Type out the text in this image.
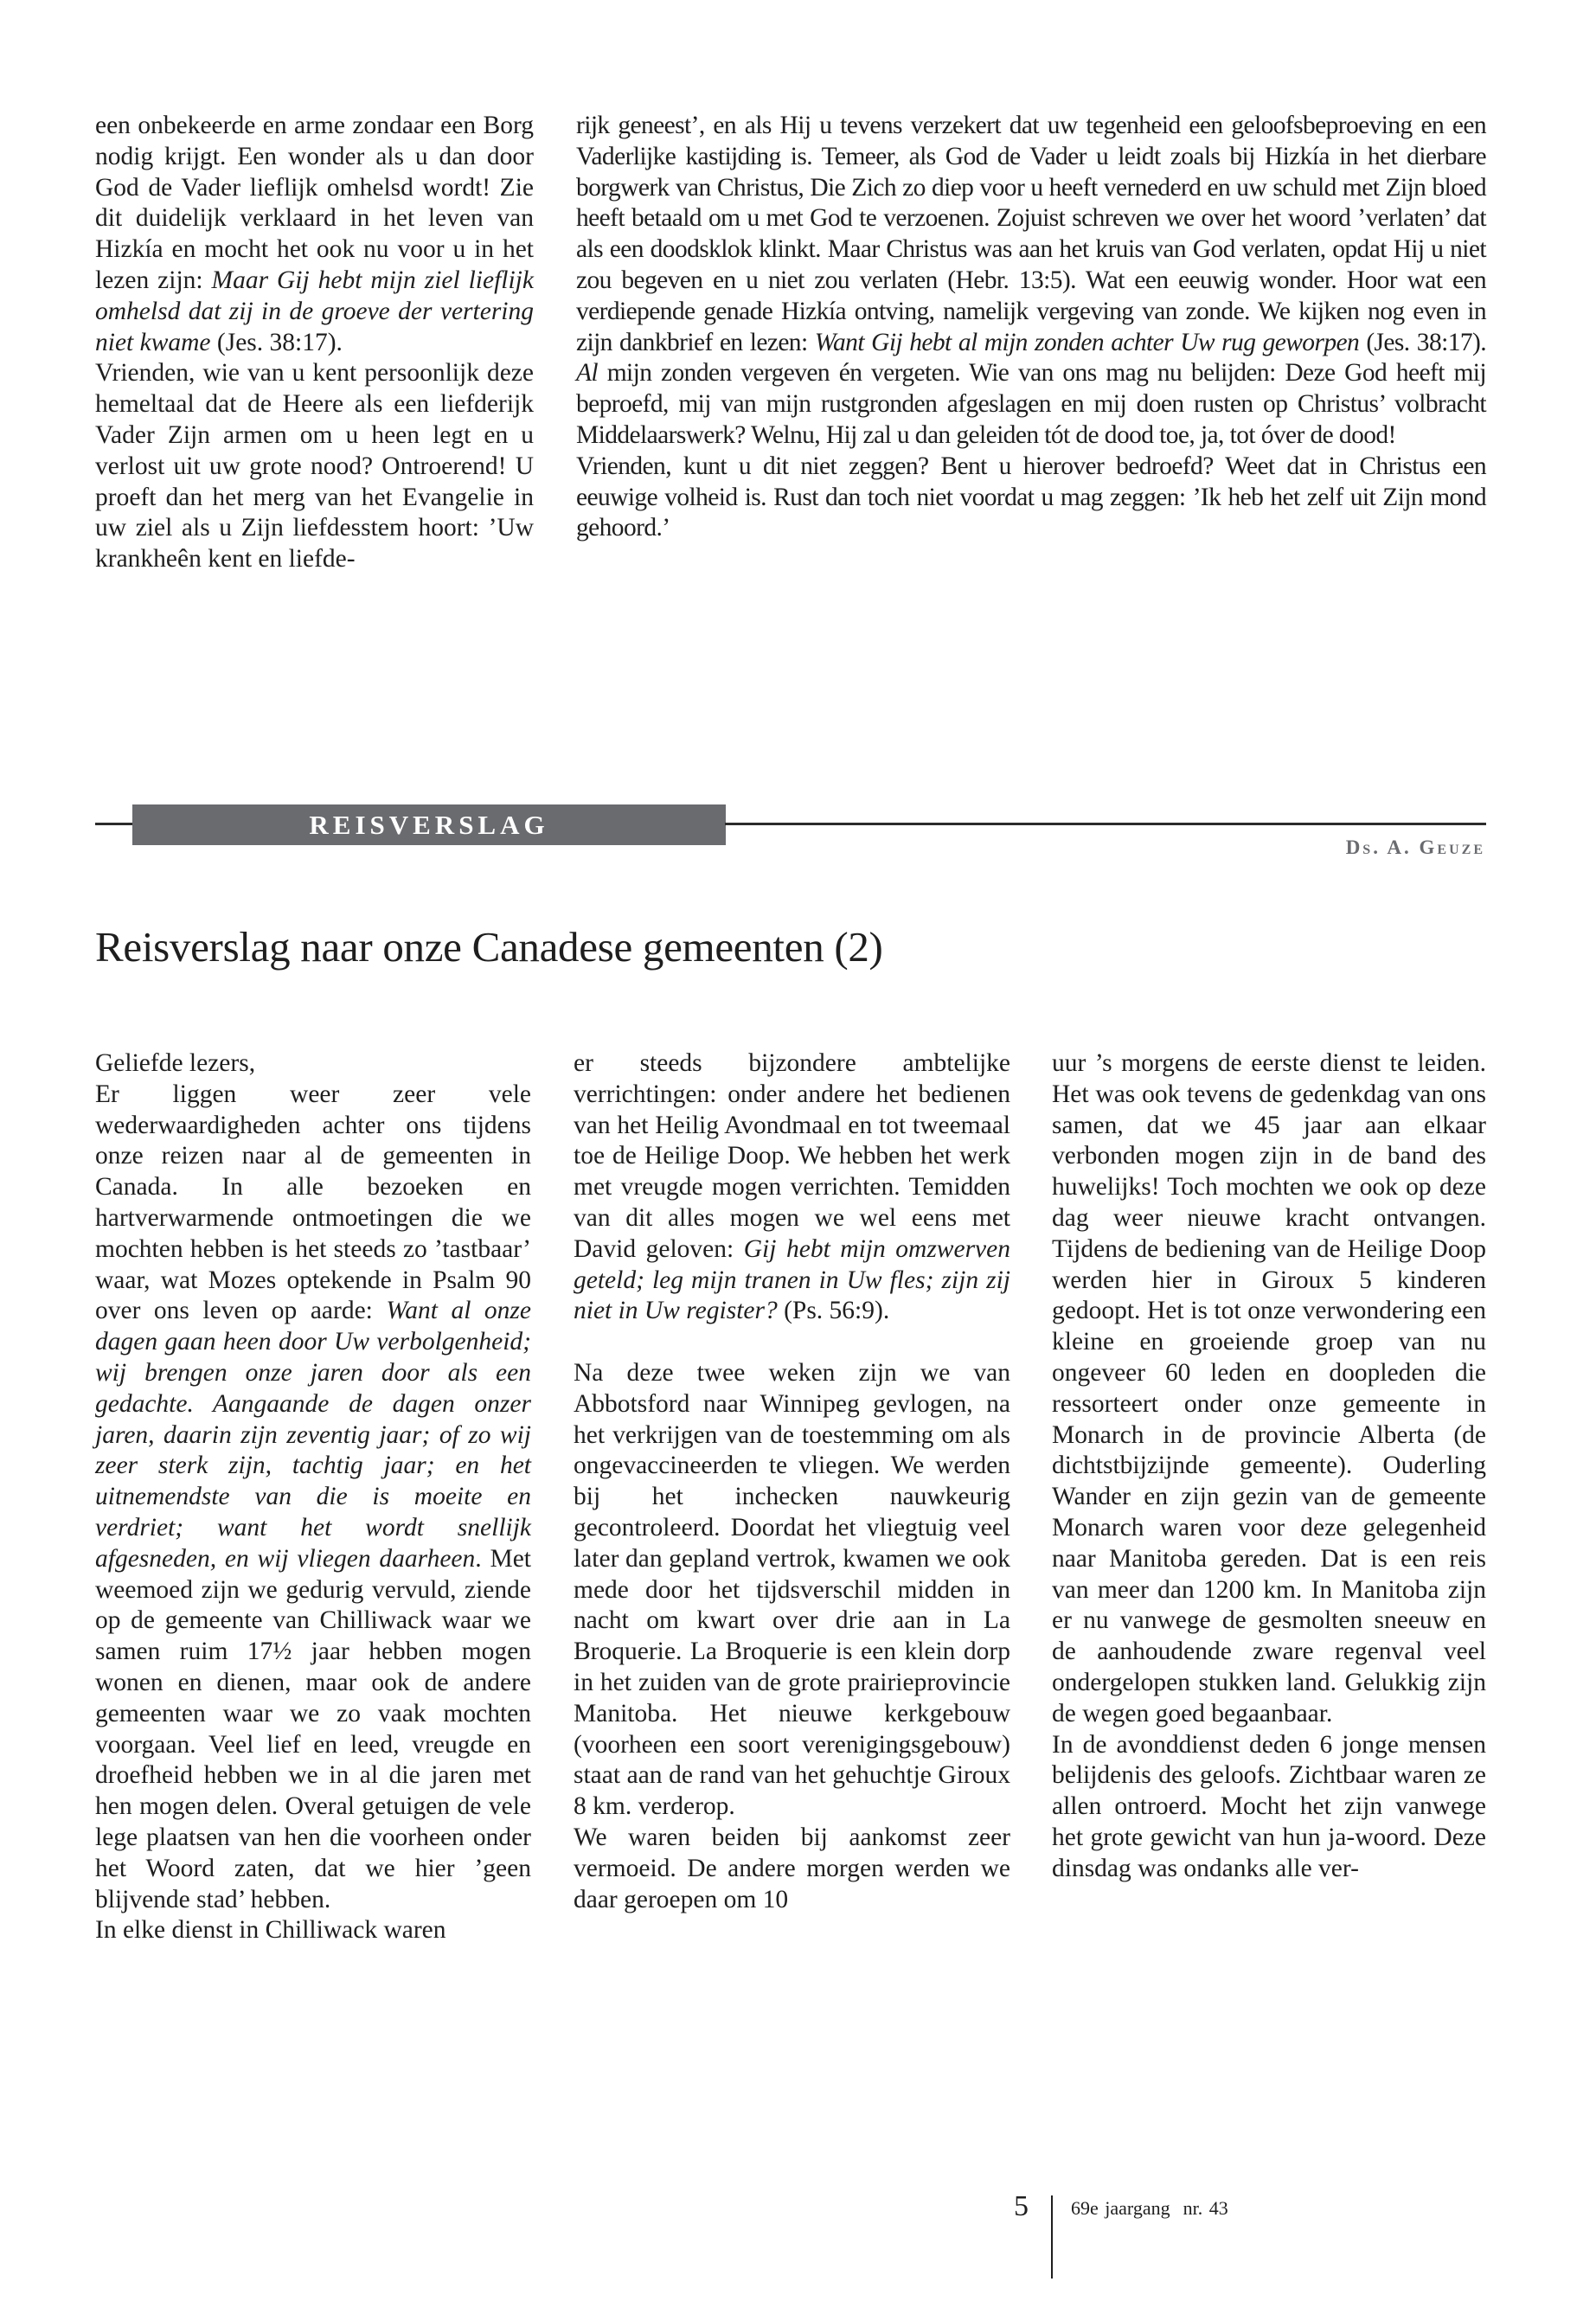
een onbekeerde en arme zondaar een Borg nodig krijgt. Een wonder als u dan door God de Vader lieflijk omhelsd wordt! Zie dit duidelijk verklaard in het leven van Hizkía en mocht het ook nu voor u in het lezen zijn: Maar Gij hebt mijn ziel lieflijk omhelsd dat zij in de groeve der vertering niet kwame (Jes. 38:17).

Vrienden, wie van u kent persoonlijk deze hemeltaal dat de Heere als een liefderijk Vader Zijn armen om u heen legt en u verlost uit uw grote nood? Ontroerend! U proeft dan het merg van het Evangelie in uw ziel als u Zijn liefdesstem hoort: ’Uw krankheên kent en liefde-

rijk geneest’, en als Hij u tevens verzekert dat uw tegenheid een geloofsbeproeving en een Vaderlijke kastijding is. Temeer, als God de Vader u leidt zoals bij Hizkía in het dierbare borgwerk van Christus, Die Zich zo diep voor u heeft vernederd en uw schuld met Zijn bloed heeft betaald om u met God te verzoenen. Zojuist schreven we over het woord ’verlaten’ dat als een doodsklok klinkt. Maar Christus was aan het kruis van God verlaten, opdat Hij u niet zou begeven en u niet zou verlaten (Hebr. 13:5). Wat een eeuwig wonder. Hoor wat een verdiepende genade Hizkía ontving, namelijk vergeving van zonde. We kijken nog even in zijn dankbrief en lezen: Want Gij hebt al mijn zonden achter Uw rug geworpen (Jes. 38:17). Al mijn zonden vergeven én vergeten. Wie van ons mag nu belijden: Deze God heeft mij beproefd, mij van mijn rustgronden afgeslagen en mij doen rusten op Christus’ volbracht Middelaarswerk? Welnu, Hij zal u dan geleiden tót de dood toe, ja, tot óver de dood!

Vrienden, kunt u dit niet zeggen? Bent u hierover bedroefd? Weet dat in Christus een eeuwige volheid is. Rust dan toch niet voordat u mag zeggen: ’Ik heb het zelf uit Zijn mond gehoord.’

REISVERSLAG
Ds. A. Geuze
Reisverslag naar onze Canadese gemeenten (2)

Geliefde lezers,

Er liggen weer zeer vele wederwaardigheden achter ons tijdens onze reizen naar al de gemeenten in Canada. In alle bezoeken en hartverwarmende ontmoetingen die we mochten hebben is het steeds zo ’tastbaar’ waar, wat Mozes optekende in Psalm 90 over ons leven op aarde: Want al onze dagen gaan heen door Uw verbolgenheid; wij brengen onze jaren door als een gedachte. Aangaande de dagen onzer jaren, daarin zijn zeventig jaar; of zo wij zeer sterk zijn, tachtig jaar; en het uitnemendste van die is moeite en verdriet; want het wordt snellijk afgesneden, en wij vliegen daarheen. Met weemoed zijn we gedurig vervuld, ziende op de gemeente van Chilliwack waar we samen ruim 17½ jaar hebben mogen wonen en dienen, maar ook de andere gemeenten waar we zo vaak mochten voorgaan. Veel lief en leed, vreugde en droefheid hebben we in al die jaren met hen mogen delen. Overal getuigen de vele lege plaatsen van hen die voorheen onder het Woord zaten, dat we hier ’geen blijvende stad’ hebben.

In elke dienst in Chilliwack waren

er steeds bijzondere ambtelijke verrichtingen: onder andere het bedienen van het Heilig Avondmaal en tot tweemaal toe de Heilige Doop. We hebben het werk met vreugde mogen verrichten. Temidden van dit alles mogen we wel eens met David geloven: Gij hebt mijn omzwerven geteld; leg mijn tranen in Uw fles; zijn zij niet in Uw register? (Ps. 56:9).

Na deze twee weken zijn we van Abbotsford naar Winnipeg gevlogen, na het verkrijgen van de toestemming om als ongevaccineerden te vliegen. We werden bij het inchecken nauwkeurig gecontroleerd. Doordat het vliegtuig veel later dan gepland vertrok, kwamen we ook mede door het tijdsverschil midden in nacht om kwart over drie aan in La Broquerie. La Broquerie is een klein dorp in het zuiden van de grote prairieprovincie Manitoba. Het nieuwe kerkgebouw (voorheen een soort verenigingsgebouw) staat aan de rand van het gehuchtje Giroux 8 km. verderop.

We waren beiden bij aankomst zeer vermoeid. De andere morgen werden we daar geroepen om 10

uur ’s morgens de eerste dienst te leiden. Het was ook tevens de gedenkdag van ons samen, dat we 45 jaar aan elkaar verbonden mogen zijn in de band des huwelijks! Toch mochten we ook op deze dag weer nieuwe kracht ontvangen. Tijdens de bediening van de Heilige Doop werden hier in Giroux 5 kinderen gedoopt. Het is tot onze verwondering een kleine en groeiende groep van nu ongeveer 60 leden en doopleden die ressorteert onder onze gemeente in Monarch in de provincie Alberta (de dichtstbijzijnde gemeente). Ouderling Wander en zijn gezin van de gemeente Monarch waren voor deze gelegenheid naar Manitoba gereden. Dat is een reis van meer dan 1200 km. In Manitoba zijn er nu vanwege de gesmolten sneeuw en de aanhoudende zware regenval veel ondergelopen stukken land. Gelukkig zijn de wegen goed begaanbaar.

In de avonddienst deden 6 jonge mensen belijdenis des geloofs. Zichtbaar waren ze allen ontroerd. Mocht het zijn vanwege het grote gewicht van hun ja-woord. Deze dinsdag was ondanks alle ver-

5 69e jaargang  nr. 43
